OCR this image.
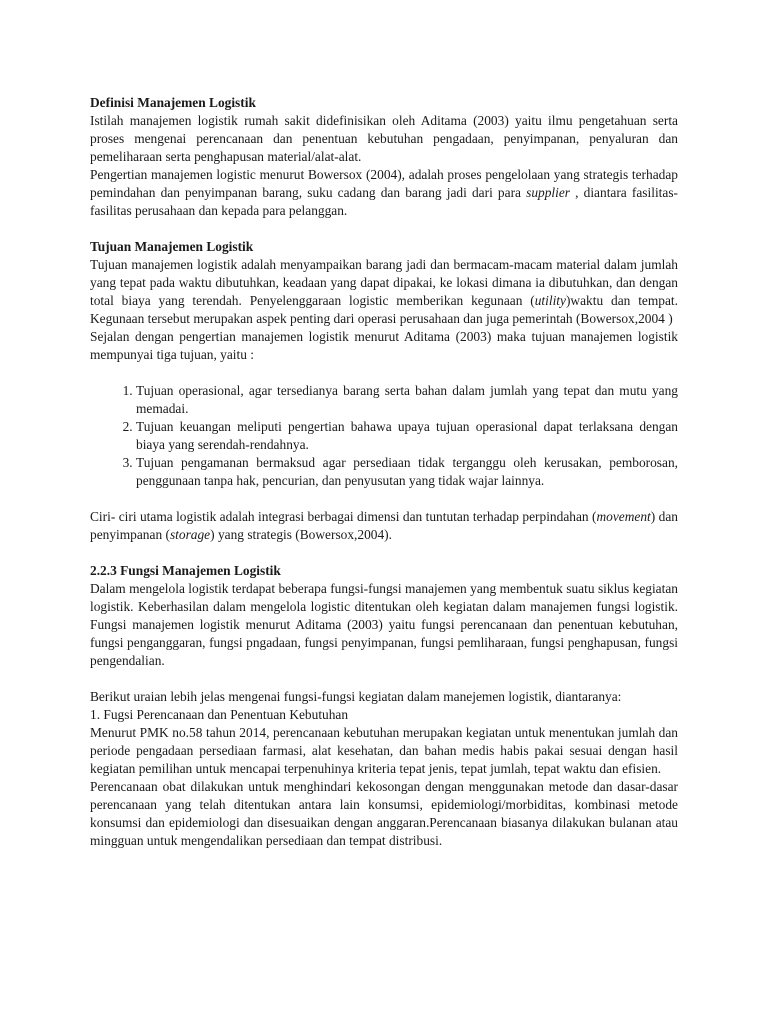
Definisi Manajemen Logistik

Istilah manajemen logistik rumah sakit didefinisikan oleh Aditama (2003) yaitu ilmu pengetahuan serta proses mengenai perencanaan dan penentuan kebutuhan pengadaan, penyimpanan, penyaluran dan pemeliharaan serta penghapusan material/alat-alat.

Pengertian manajemen logistic menurut Bowersox (2004), adalah proses pengelolaan yang strategis terhadap pemindahan dan penyimpanan barang, suku cadang dan barang jadi dari para supplier , diantara fasilitas-fasilitas perusahaan dan kepada para pelanggan.

Tujuan Manajemen Logistik

Tujuan manajemen logistik adalah menyampaikan barang jadi dan bermacam-macam material dalam jumlah yang tepat pada waktu dibutuhkan, keadaan yang dapat dipakai, ke lokasi dimana ia dibutuhkan, dan dengan total biaya yang terendah. Penyelenggaraan logistic memberikan kegunaan (utility)waktu dan tempat. Kegunaan tersebut merupakan aspek penting dari operasi perusahaan dan juga pemerintah (Bowersox,2004 )

Sejalan dengan pengertian manajemen logistik menurut Aditama (2003) maka tujuan manajemen logistik mempunyai tiga tujuan, yaitu :

1. Tujuan operasional, agar tersedianya barang serta bahan dalam jumlah yang tepat dan mutu yang memadai.
2. Tujuan keuangan meliputi pengertian bahawa upaya tujuan operasional dapat terlaksana dengan biaya yang serendah-rendahnya.
3. Tujuan pengamanan bermaksud agar persediaan tidak terganggu oleh kerusakan, pemborosan, penggunaan tanpa hak, pencurian, dan penyusutan yang tidak wajar lainnya.

Ciri- ciri utama logistik adalah integrasi berbagai dimensi dan tuntutan terhadap perpindahan (movement) dan penyimpanan (storage) yang strategis (Bowersox,2004).

2.2.3 Fungsi Manajemen Logistik

Dalam mengelola logistik terdapat beberapa fungsi-fungsi manajemen yang membentuk suatu siklus kegiatan logistik. Keberhasilan dalam mengelola logistic ditentukan oleh kegiatan dalam manajemen fungsi logistik. Fungsi manajemen logistik menurut Aditama (2003) yaitu fungsi perencanaan dan penentuan kebutuhan, fungsi penganggaran, fungsi pngadaan, fungsi penyimpanan, fungsi pemliharaan, fungsi penghapusan, fungsi pengendalian.

Berikut uraian lebih jelas mengenai fungsi-fungsi kegiatan dalam manejemen logistik, diantaranya:

1. Fugsi Perencanaan dan Penentuan Kebutuhan

Menurut PMK no.58 tahun 2014, perencanaan kebutuhan merupakan kegiatan untuk menentukan jumlah dan periode pengadaan persediaan farmasi, alat kesehatan, dan bahan medis habis pakai sesuai dengan hasil kegiatan pemilihan untuk mencapai terpenuhinya kriteria tepat jenis, tepat jumlah, tepat waktu dan efisien.

Perencanaan obat dilakukan untuk menghindari kekosongan dengan menggunakan metode dan dasar-dasar perencanaan yang telah ditentukan antara lain konsumsi, epidemiologi/morbiditas, kombinasi metode konsumsi dan epidemiologi dan disesuaikan dengan anggaran.Perencanaan biasanya dilakukan bulanan atau mingguan untuk mengendalikan persediaan dan tempat distribusi.
